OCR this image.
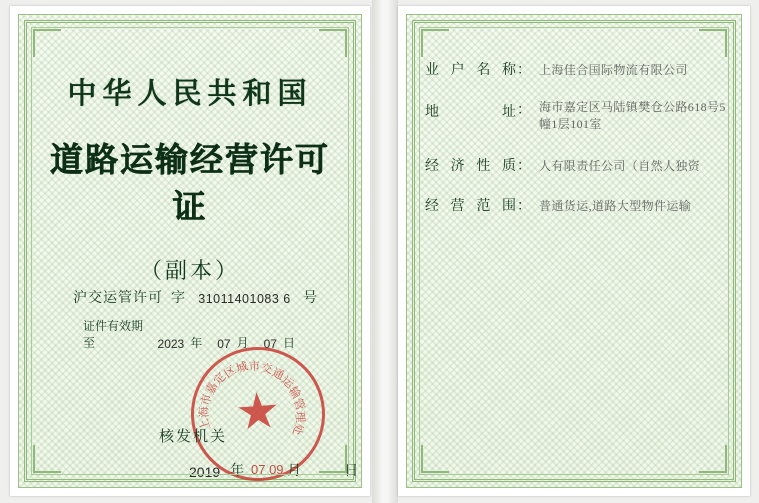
中华人民共和国
道路运输经营许可证
（副本）
沪交运管许可 字 31011401083 6 号
证件有效期至	2023 年 07 月 07 日
上
海
市
嘉
定
区
城
市
交
通
运
输
管
理
处
核发机关
2019 年	月	日
07 09
业户名称 ： 上海佳合国际物流有限公司
地址 ： 海市嘉定区马陆镇樊仓公路618号5幢1层101室
经济性质 ： 人有限责任公司（自然人独资
经营范围 ： 普通货运,道路大型物件运输
